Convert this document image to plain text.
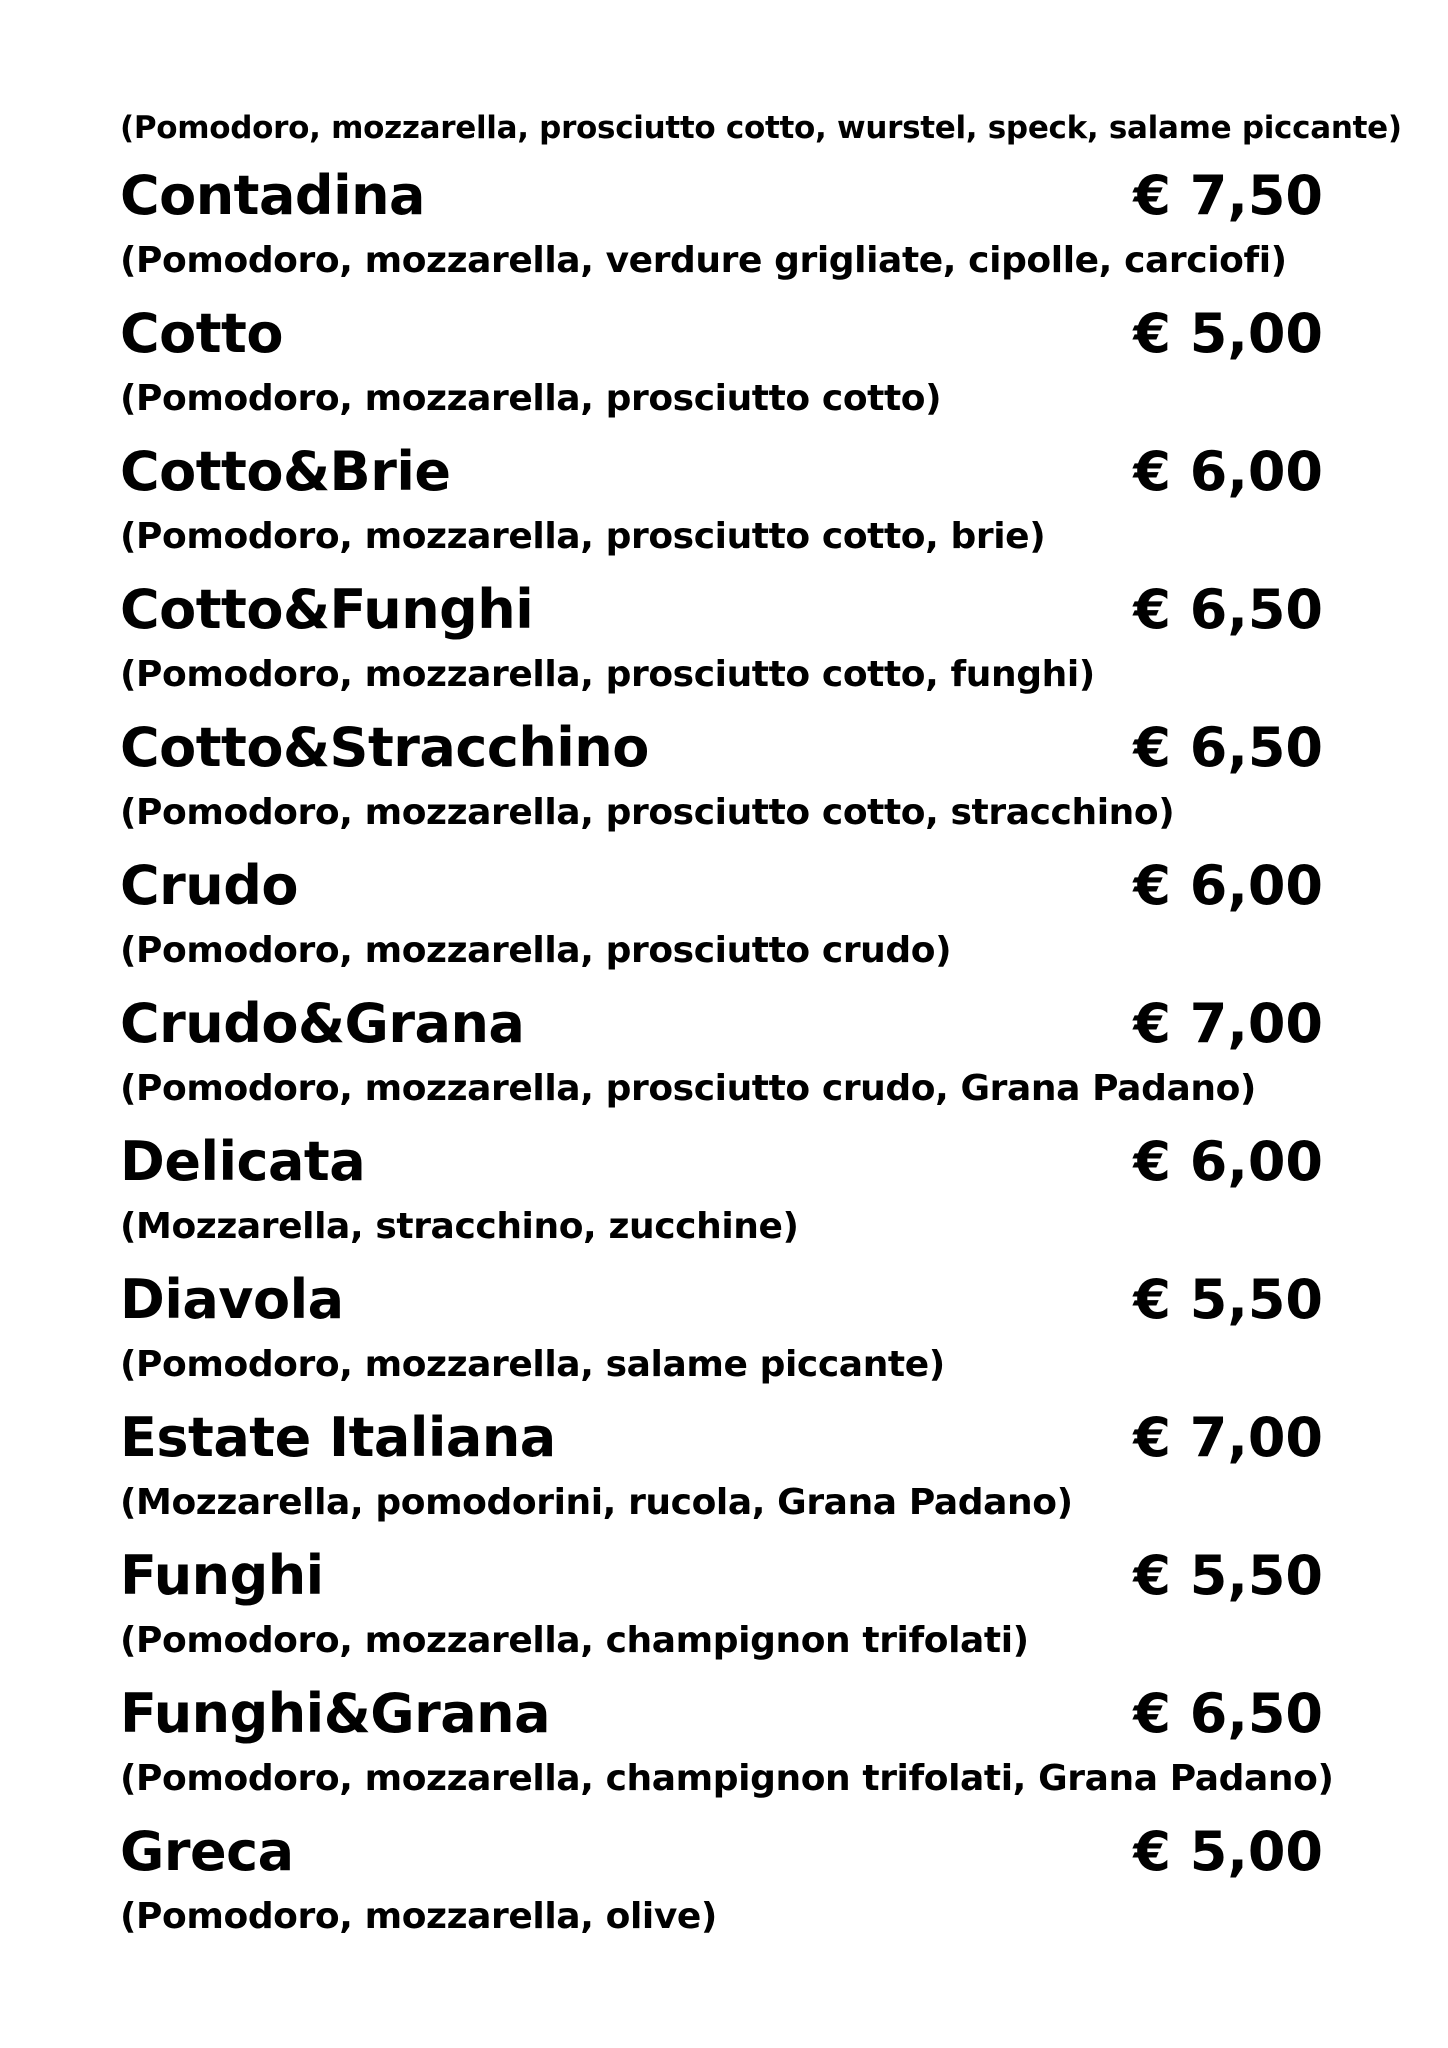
(Pomodoro, mozzarella, prosciutto cotto, wurstel, speck, salame piccante)
Contadina	€ 7,50
(Pomodoro, mozzarella, verdure grigliate, cipolle, carciofi)
Cotto	€ 5,00
(Pomodoro, mozzarella, prosciutto cotto)
Cotto&Brie	€ 6,00
(Pomodoro, mozzarella, prosciutto cotto, brie)
Cotto&Funghi	€ 6,50
(Pomodoro, mozzarella, prosciutto cotto, funghi)
Cotto&Stracchino	€ 6,50
(Pomodoro, mozzarella, prosciutto cotto, stracchino)
Crudo	€ 6,00
(Pomodoro, mozzarella, prosciutto crudo)
Crudo&Grana	€ 7,00
(Pomodoro, mozzarella, prosciutto crudo, Grana Padano)
Delicata	€ 6,00
(Mozzarella, stracchino, zucchine)
Diavola	€ 5,50
(Pomodoro, mozzarella, salame piccante)
Estate Italiana	€ 7,00
(Mozzarella, pomodorini, rucola, Grana Padano)
Funghi	€ 5,50
(Pomodoro, mozzarella, champignon trifolati)
Funghi&Grana	€ 6,50
(Pomodoro, mozzarella, champignon trifolati, Grana Padano)
Greca	€ 5,00
(Pomodoro, mozzarella, olive)
